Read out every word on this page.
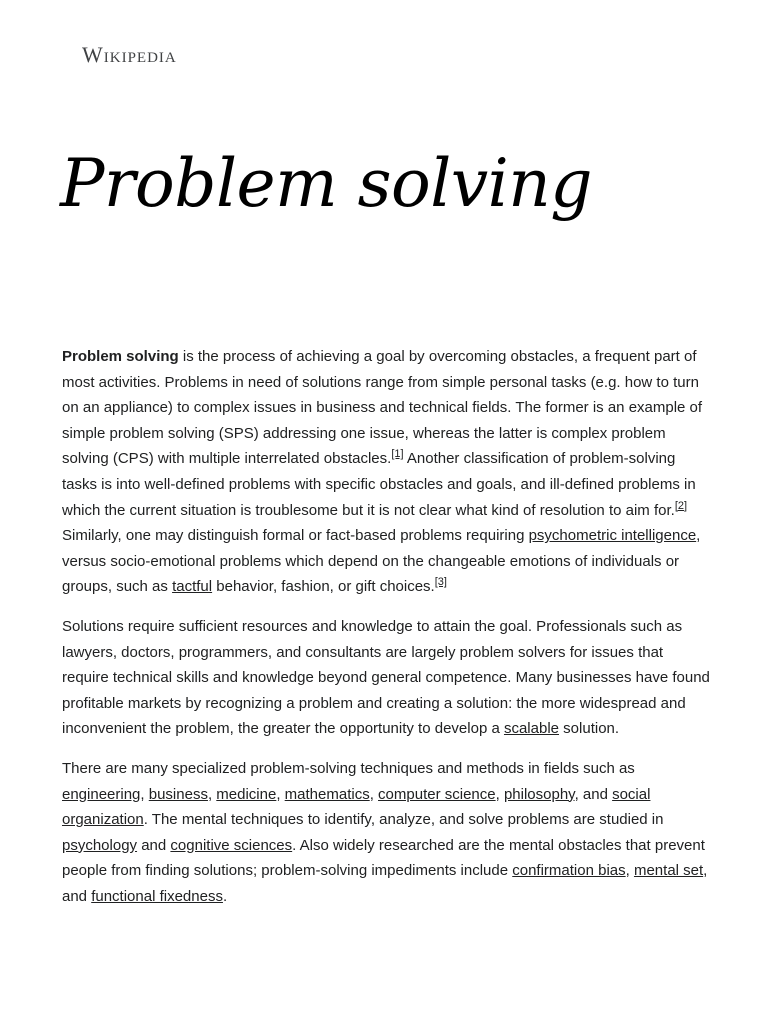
Wikipedia
Problem solving

Problem solving is the process of achieving a goal by overcoming obstacles, a frequent part of most activities. Problems in need of solutions range from simple personal tasks (e.g. how to turn on an appliance) to complex issues in business and technical fields. The former is an example of simple problem solving (SPS) addressing one issue, whereas the latter is complex problem solving (CPS) with multiple interrelated obstacles.[1] Another classification of problem-solving tasks is into well-defined problems with specific obstacles and goals, and ill-defined problems in which the current situation is troublesome but it is not clear what kind of resolution to aim for.[2] Similarly, one may distinguish formal or fact-based problems requiring psychometric intelligence, versus socio-emotional problems which depend on the changeable emotions of individuals or groups, such as tactful behavior, fashion, or gift choices.[3]

Solutions require sufficient resources and knowledge to attain the goal. Professionals such as lawyers, doctors, programmers, and consultants are largely problem solvers for issues that require technical skills and knowledge beyond general competence. Many businesses have found profitable markets by recognizing a problem and creating a solution: the more widespread and inconvenient the problem, the greater the opportunity to develop a scalable solution.

There are many specialized problem-solving techniques and methods in fields such as engineering, business, medicine, mathematics, computer science, philosophy, and social organization. The mental techniques to identify, analyze, and solve problems are studied in psychology and cognitive sciences. Also widely researched are the mental obstacles that prevent people from finding solutions; problem-solving impediments include confirmation bias, mental set, and functional fixedness.
